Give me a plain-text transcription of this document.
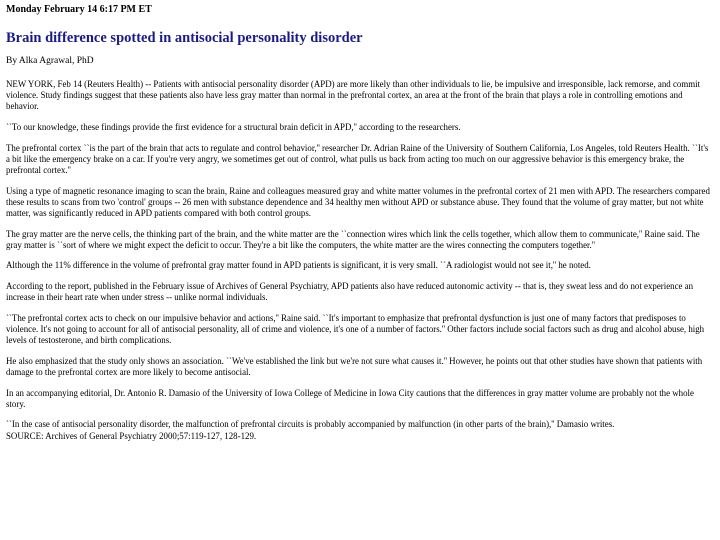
Monday February 14 6:17 PM ET
Brain difference spotted in antisocial personality disorder
By Alka Agrawal, PhD
NEW YORK, Feb 14 (Reuters Health) -- Patients with antisocial personality disorder (APD) are more likely than other individuals to lie, be impulsive and irresponsible, lack remorse, and commit violence. Study findings suggest that these patients also have less gray matter than normal in the prefrontal cortex, an area at the front of the brain that plays a role in controlling emotions and behavior.
``To our knowledge, these findings provide the first evidence for a structural brain deficit in APD,'' according to the researchers.
The prefrontal cortex ``is the part of the brain that acts to regulate and control behavior,'' researcher Dr. Adrian Raine of the University of Southern California, Los Angeles, told Reuters Health. ``It's a bit like the emergency brake on a car. If you're very angry, we sometimes get out of control, what pulls us back from acting too much on our aggressive behavior is this emergency brake, the prefrontal cortex.''
Using a type of magnetic resonance imaging to scan the brain, Raine and colleagues measured gray and white matter volumes in the prefrontal cortex of 21 men with APD. The researchers compared these results to scans from two 'control' groups -- 26 men with substance dependence and 34 healthy men without APD or substance abuse. They found that the volume of gray matter, but not white matter, was significantly reduced in APD patients compared with both control groups.
The gray matter are the nerve cells, the thinking part of the brain, and the white matter are the ``connection wires which link the cells together, which allow them to communicate,'' Raine said. The gray matter is ``sort of where we might expect the deficit to occur. They're a bit like the computers, the white matter are the wires connecting the computers together.''
Although the 11% difference in the volume of prefrontal gray matter found in APD patients is significant, it is very small. ``A radiologist would not see it,'' he noted.
According to the report, published in the February issue of Archives of General Psychiatry, APD patients also have reduced autonomic activity -- that is, they sweat less and do not experience an increase in their heart rate when under stress -- unlike normal individuals.
``The prefrontal cortex acts to check on our impulsive behavior and actions,'' Raine said. ``It's important to emphasize that prefrontal dysfunction is just one of many factors that predisposes to violence. It's not going to account for all of antisocial personality, all of crime and violence, it's one of a number of factors.'' Other factors include social factors such as drug and alcohol abuse, high levels of testosterone, and birth complications.
He also emphasized that the study only shows an association. ``We've established the link but we're not sure what causes it.'' However, he points out that other studies have shown that patients with damage to the prefrontal cortex are more likely to become antisocial.
In an accompanying editorial, Dr. Antonio R. Damasio of the University of Iowa College of Medicine in Iowa City cautions that the differences in gray matter volume are probably not the whole story.
``In the case of antisocial personality disorder, the malfunction of prefrontal circuits is probably accompanied by malfunction (in other parts of the brain),'' Damasio writes.
SOURCE: Archives of General Psychiatry 2000;57:119-127, 128-129.
